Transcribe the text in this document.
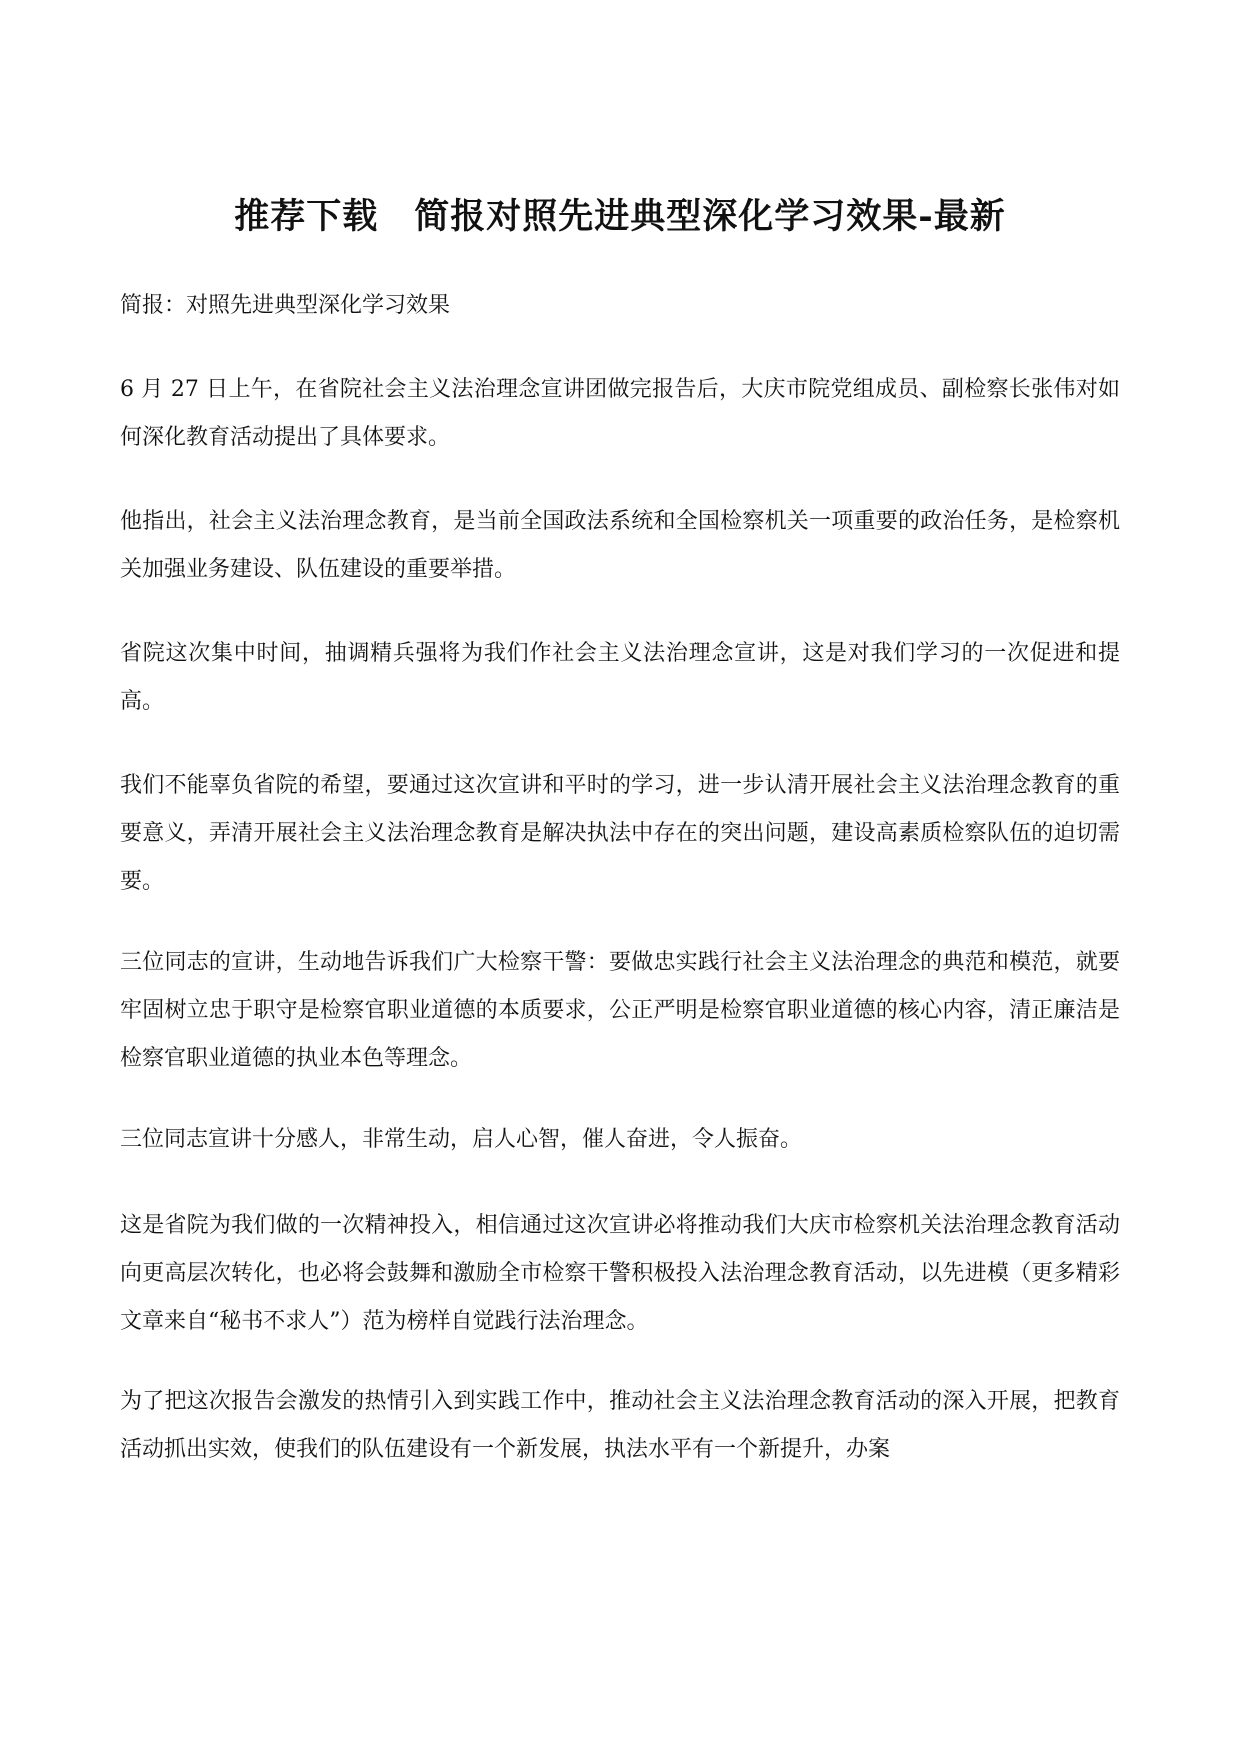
推荐下载 简报对照先进典型深化学习效果-最新

简报：对照先进典型深化学习效果

6 月 27 日上午，在省院社会主义法治理念宣讲团做完报告后，大庆市院党组成员、副检察长张伟对如何深化教育活动提出了具体要求。

他指出，社会主义法治理念教育，是当前全国政法系统和全国检察机关一项重要的政治任务，是检察机关加强业务建设、队伍建设的重要举措。

省院这次集中时间，抽调精兵强将为我们作社会主义法治理念宣讲，这是对我们学习的一次促进和提高。

我们不能辜负省院的希望，要通过这次宣讲和平时的学习，进一步认清开展社会主义法治理念教育的重要意义，弄清开展社会主义法治理念教育是解决执法中存在的突出问题，建设高素质检察队伍的迫切需要。

三位同志的宣讲，生动地告诉我们广大检察干警：要做忠实践行社会主义法治理念的典范和模范，就要牢固树立忠于职守是检察官职业道德的本质要求，公正严明是检察官职业道德的核心内容，清正廉洁是检察官职业道德的执业本色等理念。

三位同志宣讲十分感人，非常生动，启人心智，催人奋进，令人振奋。

这是省院为我们做的一次精神投入，相信通过这次宣讲必将推动我们大庆市检察机关法治理念教育活动向更高层次转化，也必将会鼓舞和激励全市检察干警积极投入法治理念教育活动，以先进模（更多精彩文章来自“秘书不求人”）范为榜样自觉践行法治理念。

为了把这次报告会激发的热情引入到实践工作中，推动社会主义法治理念教育活动的深入开展，把教育活动抓出实效，使我们的队伍建设有一个新发展，执法水平有一个新提升，办案
